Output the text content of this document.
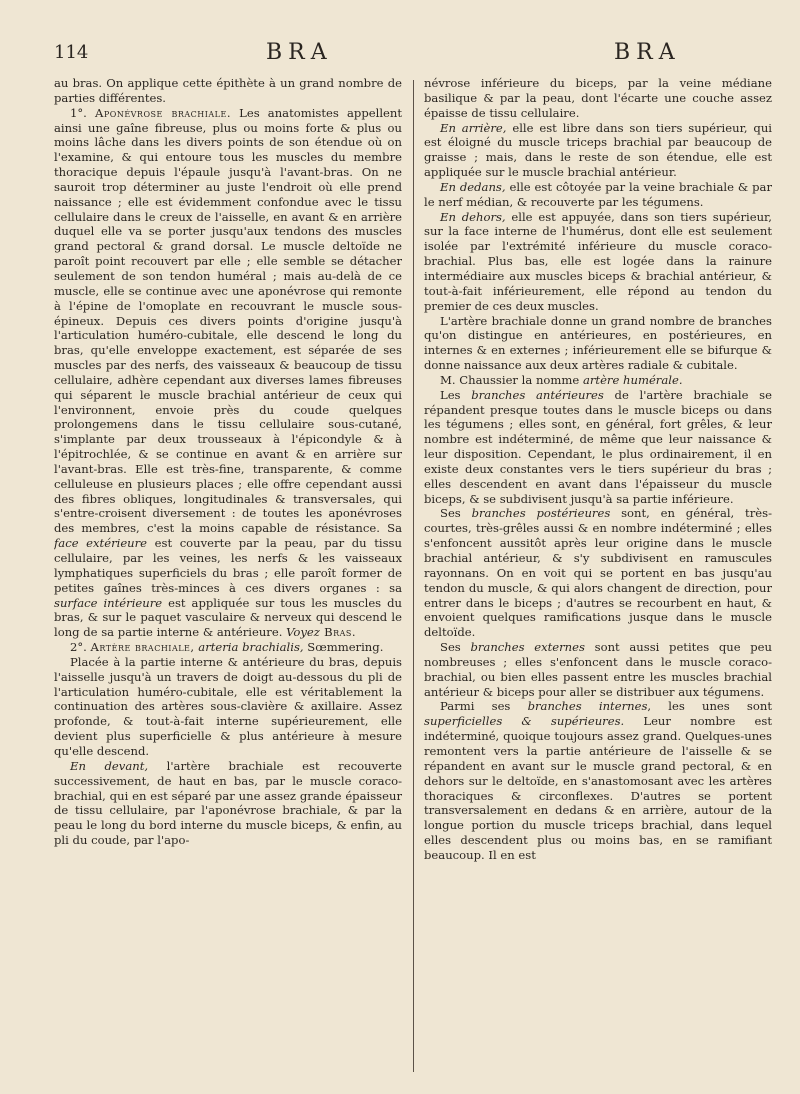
114	BRA	BRA

au bras. On applique cette épithète à un grand nombre de parties différentes.

1°. Aponévrose brachiale. Les anatomistes appellent ainsi une gaîne fibreuse, plus ou moins forte & plus ou moins lâche dans les divers points de son étendue où on l'examine, & qui entoure tous les muscles du membre thoracique depuis l'épaule jusqu'à l'avant-bras. On ne sauroit trop déterminer au juste l'endroit où elle prend naissance ; elle est évidemment confondue avec le tissu cellulaire dans le creux de l'aisselle, en avant & en arrière duquel elle va se porter jusqu'aux tendons des muscles grand pectoral & grand dorsal. Le muscle deltoïde ne paroît point recouvert par elle ; elle semble se détacher seulement de son tendon huméral ; mais au-delà de ce muscle, elle se continue avec une aponévrose qui remonte à l'épine de l'omoplate en recouvrant le muscle sous-épineux. Depuis ces divers points d'origine jusqu'à l'articulation huméro-cubitale, elle descend le long du bras, qu'elle enveloppe exactement, est séparée de ses muscles par des nerfs, des vaisseaux & beaucoup de tissu cellulaire, adhère cependant aux diverses lames fibreuses qui séparent le muscle brachial antérieur de ceux qui l'environnent, envoie près du coude quelques prolongemens dans le tissu cellulaire sous-cutané, s'implante par deux trousseaux à l'épicondyle & à l'épitrochlée, & se continue en avant & en arrière sur l'avant-bras. Elle est très-fine, transparente, & comme celluleuse en plusieurs places ; elle offre cependant aussi des fibres obliques, longitudinales & transversales, qui s'entre-croisent diversement : de toutes les aponévroses des membres, c'est la moins capable de résistance. Sa face extérieure est couverte par la peau, par du tissu cellulaire, par les veines, les nerfs & les vaisseaux lymphatiques superficiels du bras ; elle paroît former de petites gaînes très-minces à ces divers organes : sa surface intérieure est appliquée sur tous les muscles du bras, & sur le paquet vasculaire & nerveux qui descend le long de sa partie interne & antérieure. Voyez Bras.

2°. Artère brachiale, arteria brachialis, Sœmmering.

Placée à la partie interne & antérieure du bras, depuis l'aisselle jusqu'à un travers de doigt au-dessous du pli de l'articulation huméro-cubitale, elle est véritablement la continuation des artères sous-clavière & axillaire. Assez profonde, & tout-à-fait interne supérieurement, elle devient plus superficielle & plus antérieure à mesure qu'elle descend.

En devant, l'artère brachiale est recouverte successivement, de haut en bas, par le muscle coraco-brachial, qui en est séparé par une assez grande épaisseur de tissu cellulaire, par l'aponévrose brachiale, & par la peau le long du bord interne du muscle biceps, & enfin, au pli du coude, par l'apo-

névrose inférieure du biceps, par la veine médiane basilique & par la peau, dont l'écarte une couche assez épaisse de tissu cellulaire.

En arrière, elle est libre dans son tiers supérieur, qui est éloigné du muscle triceps brachial par beaucoup de graisse ; mais, dans le reste de son étendue, elle est appliquée sur le muscle brachial antérieur.

En dedans, elle est côtoyée par la veine brachiale & par le nerf médian, & recouverte par les tégumens.

En dehors, elle est appuyée, dans son tiers supérieur, sur la face interne de l'humérus, dont elle est seulement isolée par l'extrémité inférieure du muscle coraco-brachial. Plus bas, elle est logée dans la rainure intermédiaire aux muscles biceps & brachial antérieur, & tout-à-fait inférieurement, elle répond au tendon du premier de ces deux muscles.

L'artère brachiale donne un grand nombre de branches qu'on distingue en antérieures, en postérieures, en internes & en externes ; inférieurement elle se bifurque & donne naissance aux deux artères radiale & cubitale.

M. Chaussier la nomme artère humérale.

Les branches antérieures de l'artère brachiale se répandent presque toutes dans le muscle biceps ou dans les tégumens ; elles sont, en général, fort grêles, & leur nombre est indéterminé, de même que leur naissance & leur disposition. Cependant, le plus ordinairement, il en existe deux constantes vers le tiers supérieur du bras ; elles descendent en avant dans l'épaisseur du muscle biceps, & se subdivisent jusqu'à sa partie inférieure.

Ses branches postérieures sont, en général, très-courtes, très-grêles aussi & en nombre indéterminé ; elles s'enfoncent aussitôt après leur origine dans le muscle brachial antérieur, & s'y subdivisent en ramuscules rayonnans. On en voit qui se portent en bas jusqu'au tendon du muscle, & qui alors changent de direction, pour entrer dans le biceps ; d'autres se recourbent en haut, & envoient quelques ramifications jusque dans le muscle deltoïde.

Ses branches externes sont aussi petites que peu nombreuses ; elles s'enfoncent dans le muscle coraco-brachial, ou bien elles passent entre les muscles brachial antérieur & biceps pour aller se distribuer aux tégumens.

Parmi ses branches internes, les unes sont superficielles & supérieures. Leur nombre est indéterminé, quoique toujours assez grand. Quelques-unes remontent vers la partie antérieure de l'aisselle & se répandent en avant sur le muscle grand pectoral, & en dehors sur le deltoïde, en s'anastomosant avec les artères thoraciques & circonflexes. D'autres se portent transversalement en dedans & en arrière, autour de la longue portion du muscle triceps brachial, dans lequel elles descendent plus ou moins bas, en se ramifiant beaucoup. Il en est
